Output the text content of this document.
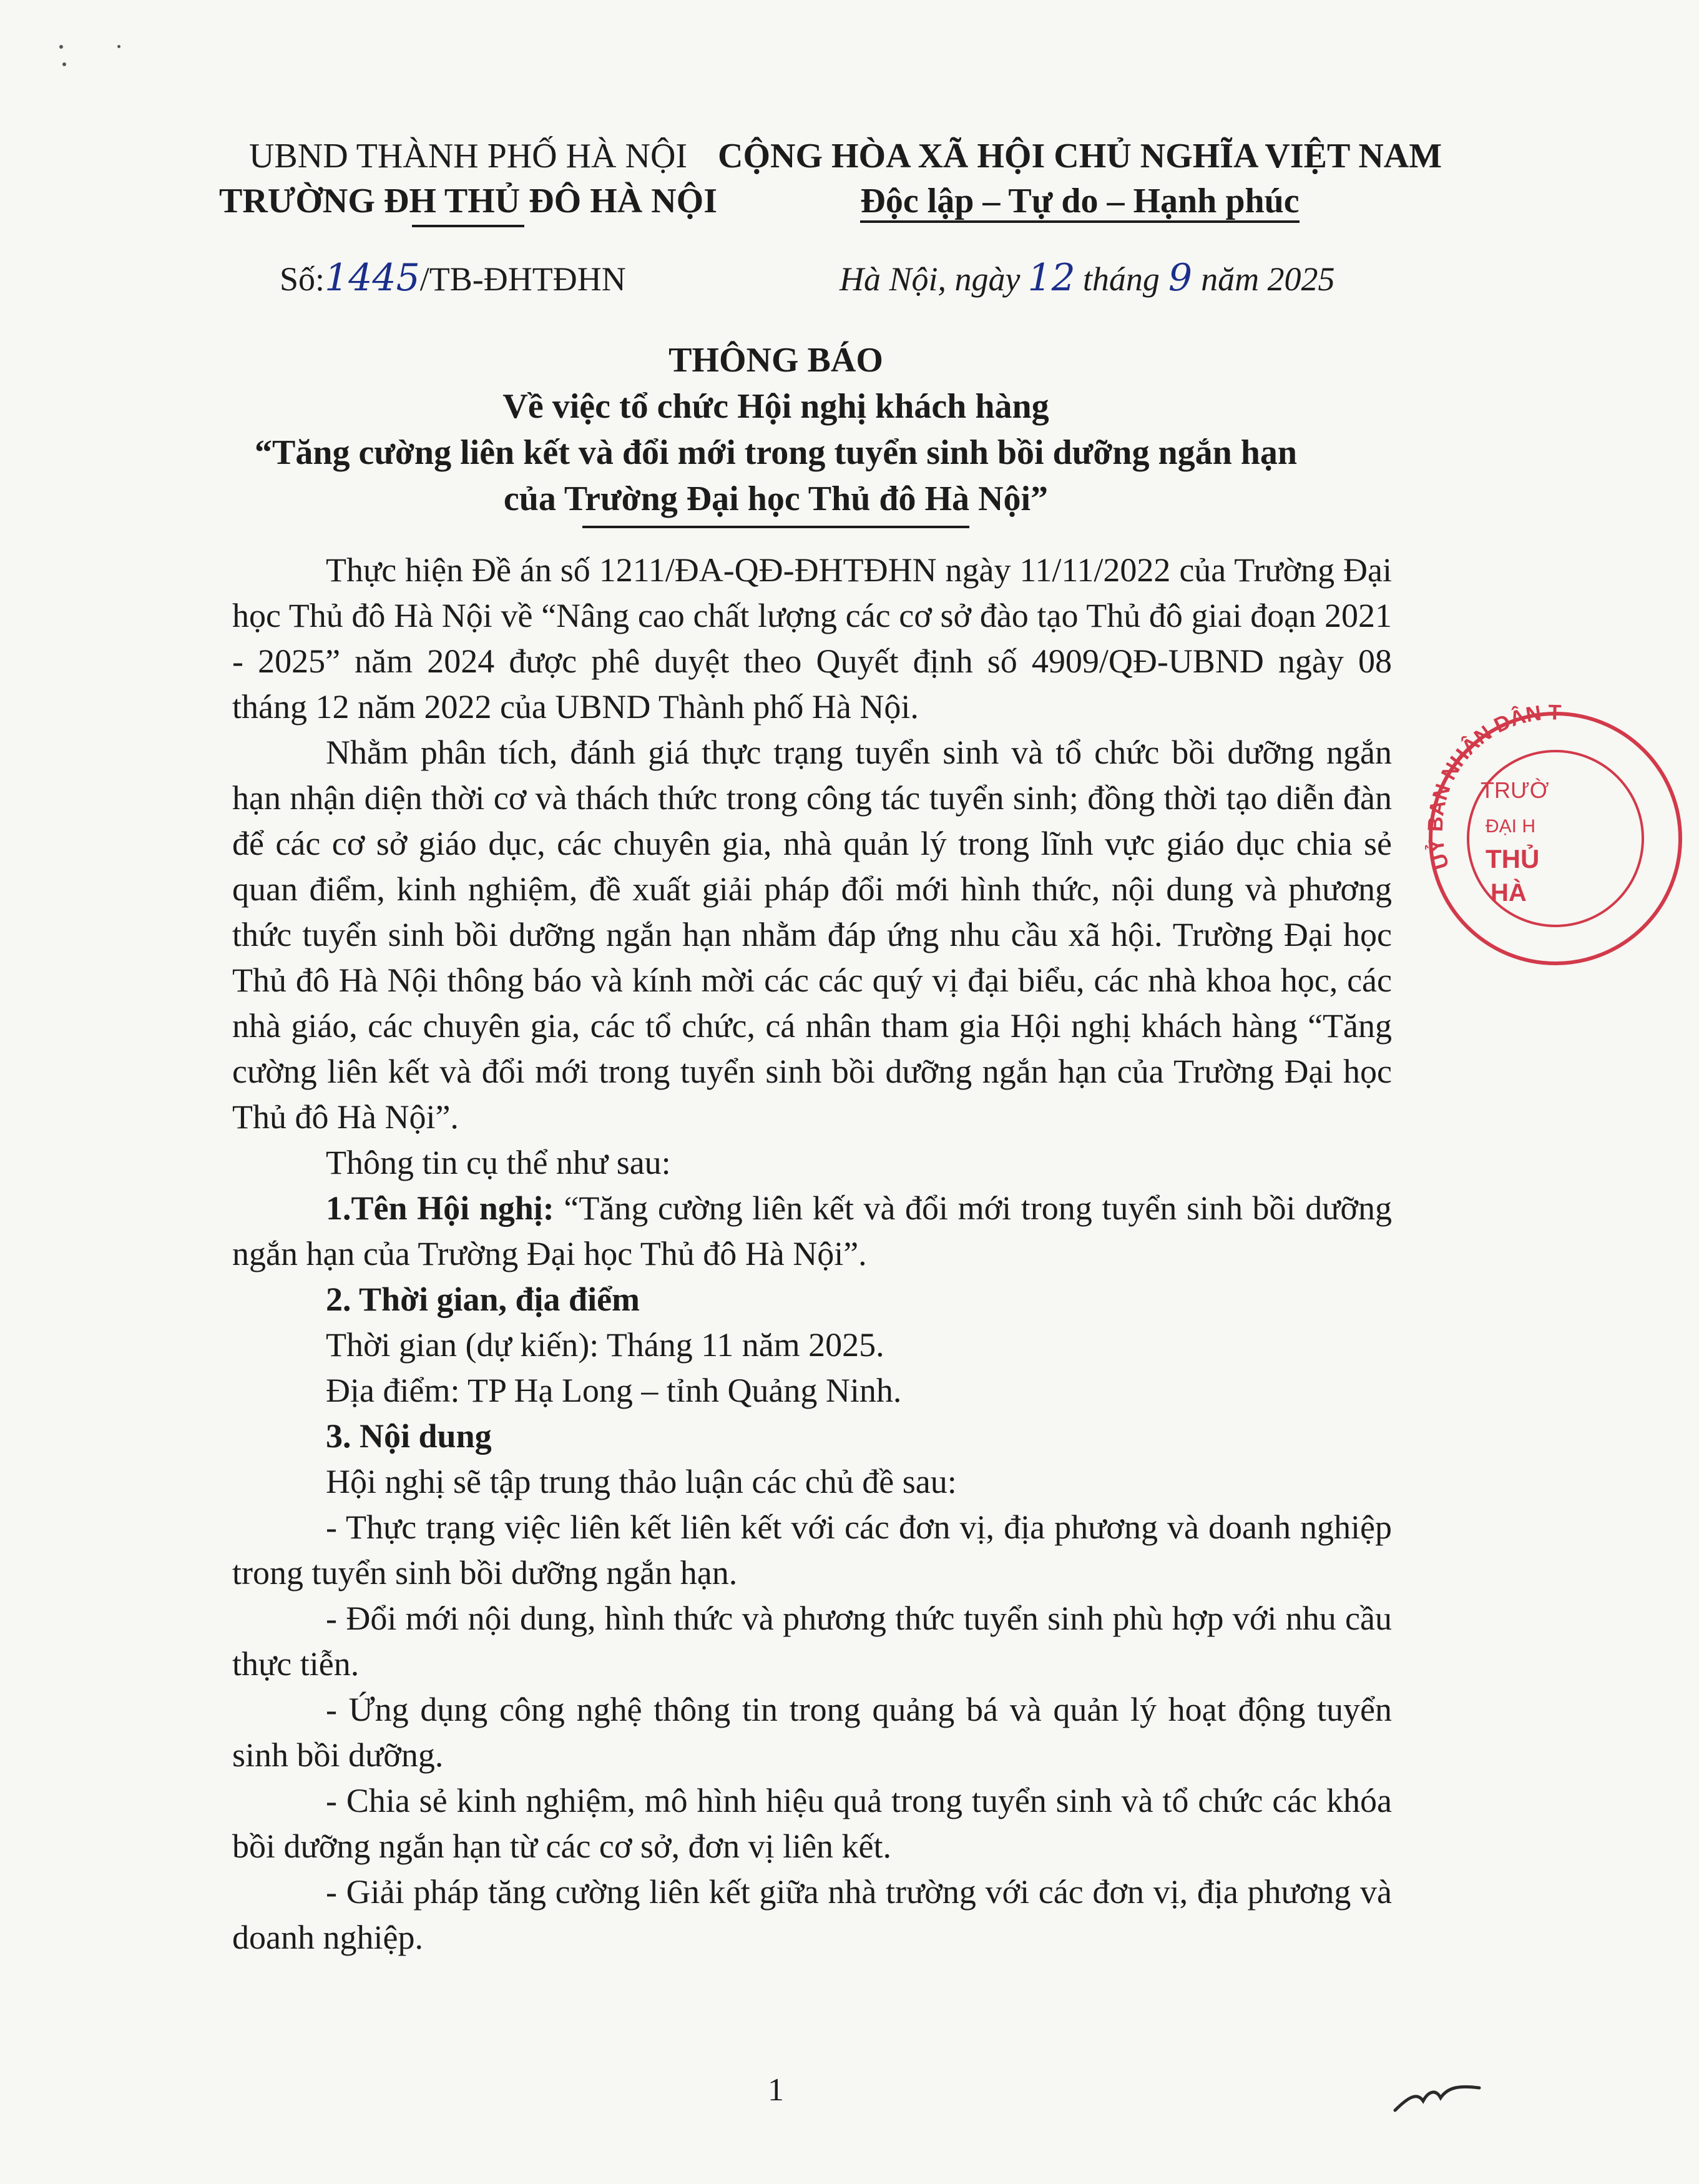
UBND THÀNH PHỐ HÀ NỘI
TRƯỜNG ĐH THỦ ĐÔ HÀ NỘI
CỘNG HÒA XÃ HỘI CHỦ NGHĨA VIỆT NAM
Độc lập – Tự do – Hạnh phúc
Số:1445/TB-ĐHTĐHN	Hà Nội, ngày 12 tháng 9 năm 2025
THÔNG BÁO
Về việc tổ chức Hội nghị khách hàng
“Tăng cường liên kết và đổi mới trong tuyển sinh bồi dưỡng ngắn hạn
của Trường Đại học Thủ đô Hà Nội”

Thực hiện Đề án số 1211/ĐA-QĐ-ĐHTĐHN ngày 11/11/2022 của Trường Đại học Thủ đô Hà Nội về “Nâng cao chất lượng các cơ sở đào tạo Thủ đô giai đoạn 2021 - 2025” năm 2024 được phê duyệt theo Quyết định số 4909/QĐ-UBND ngày 08 tháng 12 năm 2022 của UBND Thành phố Hà Nội.

Nhằm phân tích, đánh giá thực trạng tuyển sinh và tổ chức bồi dưỡng ngắn hạn nhận diện thời cơ và thách thức trong công tác tuyển sinh; đồng thời tạo diễn đàn để các cơ sở giáo dục, các chuyên gia, nhà quản lý trong lĩnh vực giáo dục chia sẻ quan điểm, kinh nghiệm, đề xuất giải pháp đổi mới hình thức, nội dung và phương thức tuyển sinh bồi dưỡng ngắn hạn nhằm đáp ứng nhu cầu xã hội. Trường Đại học Thủ đô Hà Nội thông báo và kính mời các các quý vị đại biểu, các nhà khoa học, các nhà giáo, các chuyên gia, các tổ chức, cá nhân tham gia Hội nghị khách hàng “Tăng cường liên kết và đổi mới trong tuyển sinh bồi dưỡng ngắn hạn của Trường Đại học Thủ đô Hà Nội”.

Thông tin cụ thể như sau:

1.Tên Hội nghị: “Tăng cường liên kết và đổi mới trong tuyển sinh bồi dưỡng ngắn hạn của Trường Đại học Thủ đô Hà Nội”.

2. Thời gian, địa điểm

Thời gian (dự kiến): Tháng 11 năm 2025.

Địa điểm: TP Hạ Long – tỉnh Quảng Ninh.

3. Nội dung

Hội nghị sẽ tập trung thảo luận các chủ đề sau:

- Thực trạng việc liên kết liên kết với các đơn vị, địa phương và doanh nghiệp trong tuyển sinh bồi dưỡng ngắn hạn.

- Đổi mới nội dung, hình thức và phương thức tuyển sinh phù hợp với nhu cầu thực tiễn.

- Ứng dụng công nghệ thông tin trong quảng bá và quản lý hoạt động tuyển sinh bồi dưỡng.

- Chia sẻ kinh nghiệm, mô hình hiệu quả trong tuyển sinh và tổ chức các khóa bồi dưỡng ngắn hạn từ các cơ sở, đơn vị liên kết.

- Giải pháp tăng cường liên kết giữa nhà trường với các đơn vị, địa phương và doanh nghiệp.

UỶ BAN NHÂN DÂN T
TRƯỜ
ĐẠI H
THỦ
HÀ
1
